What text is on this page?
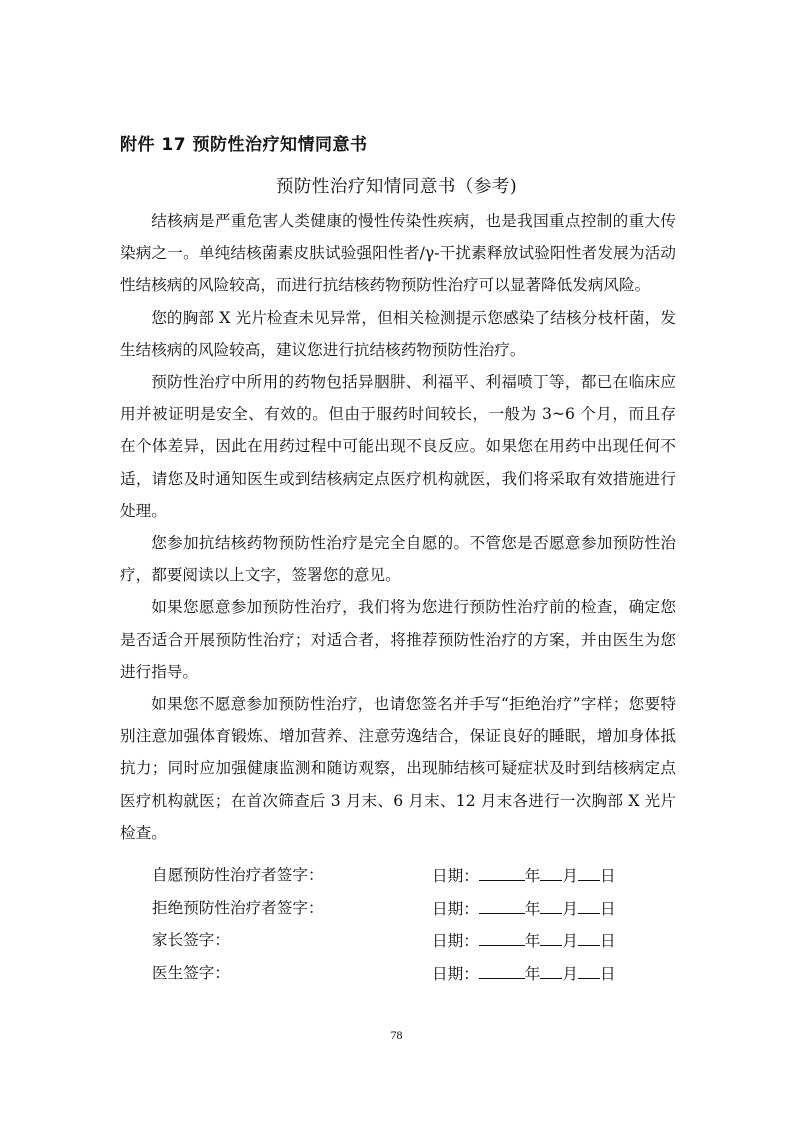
附件 17 预防性治疗知情同意书
预防性治疗知情同意书（参考)

结核病是严重危害人类健康的慢性传染性疾病，也是我国重点控制的重大传染病之一。单纯结核菌素皮肤试验强阳性者/γ-干扰素释放试验阳性者发展为活动性结核病的风险较高，而进行抗结核药物预防性治疗可以显著降低发病风险。

您的胸部 X 光片检查未见异常，但相关检测提示您感染了结核分枝杆菌，发生结核病的风险较高，建议您进行抗结核药物预防性治疗。

预防性治疗中所用的药物包括异胭肼、利福平、利福喷丁等，都已在临床应用并被证明是安全、有效的。但由于服药时间较长，一般为 3~6 个月，而且存在个体差异，因此在用药过程中可能出现不良反应。如果您在用药中出现任何不适，请您及时通知医生或到结核病定点医疗机构就医，我们将采取有效措施进行处理。

您参加抗结核药物预防性治疗是完全自愿的。不管您是否愿意参加预防性治疗，都要阅读以上文字，签署您的意见。

如果您愿意参加预防性治疗，我们将为您进行预防性治疗前的检查，确定您是否适合开展预防性治疗；对适合者，将推荐预防性治疗的方案，并由医生为您进行指导。

如果您不愿意参加预防性治疗，也请您签名并手写“拒绝治疗”字样；您要特别注意加强体育锻炼、增加营养、注意劳逸结合，保证良好的睡眠，增加身体抵抗力；同时应加强健康监测和随访观察，出现肺结核可疑症状及时到结核病定点医疗机构就医；在首次筛查后 3 月末、6 月末、12 月末各进行一次胸部 X 光片检查。

自愿预防性治疗者签字：	日期：	年 月 日
拒绝预防性治疗者签字：	日期：	年 月 日
家长签字：	日期：	年 月 日
医生签字：	日期：	年 月 日
78
